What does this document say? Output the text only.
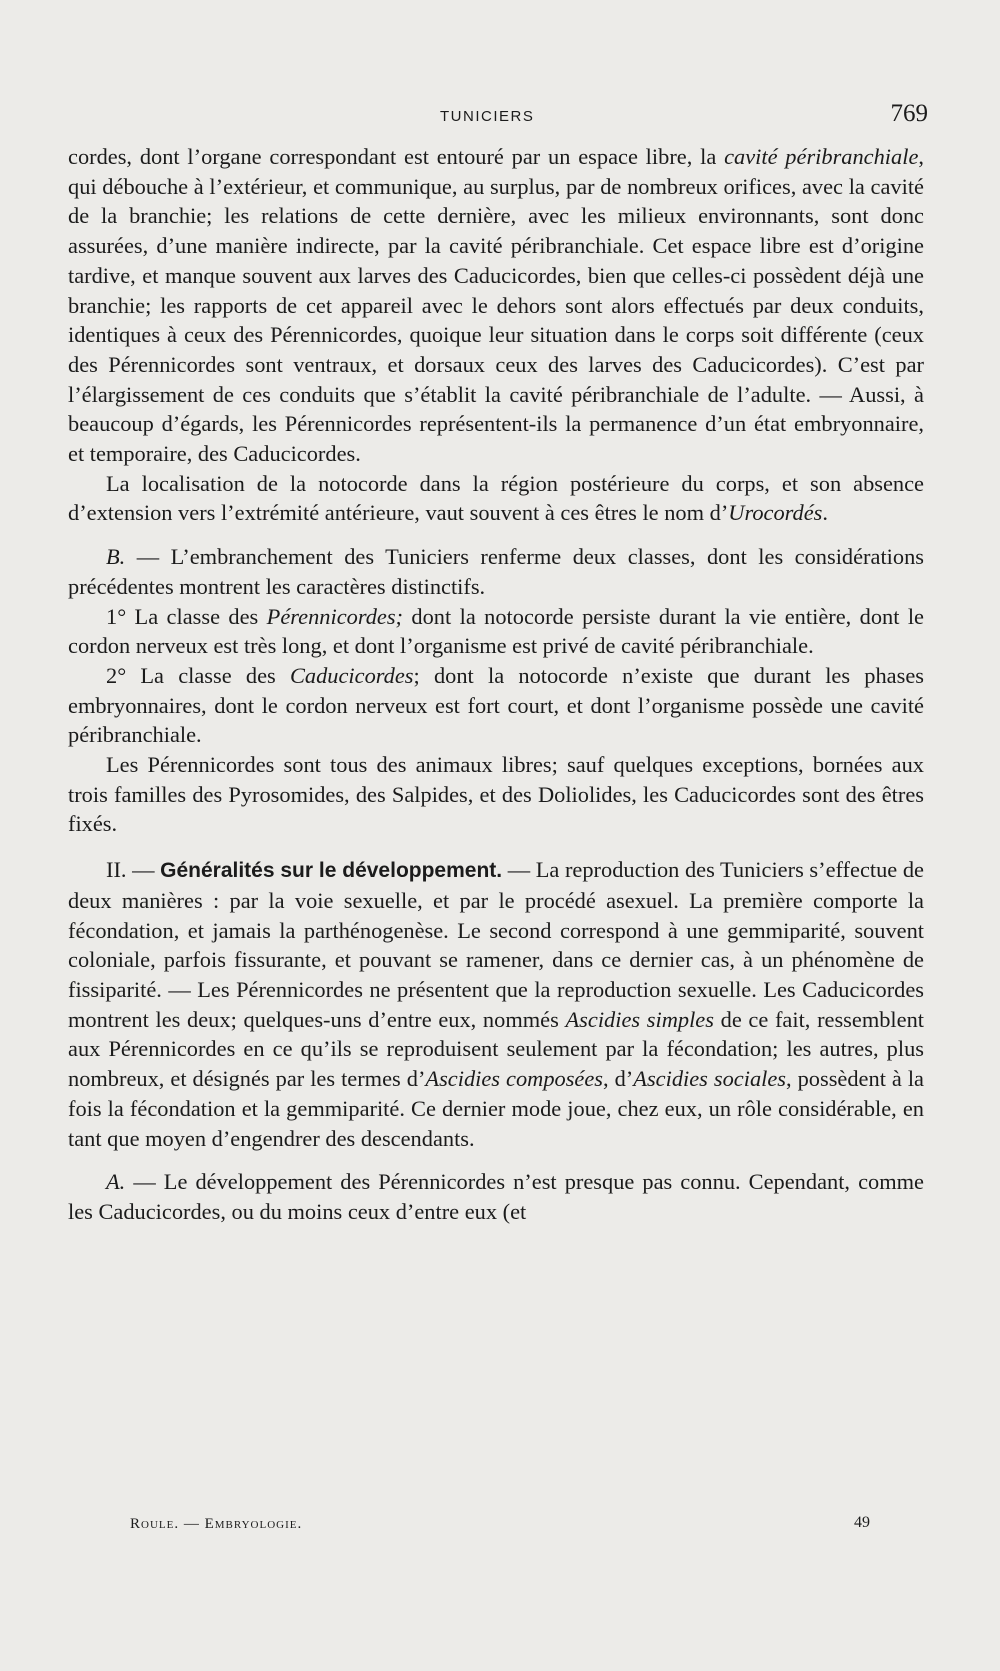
TUNICIERS	769

cordes, dont l’organe correspondant est entouré par un espace libre, la cavité péribranchiale, qui débouche à l’extérieur, et communique, au surplus, par de nombreux orifices, avec la cavité de la branchie; les relations de cette dernière, avec les milieux environnants, sont donc assurées, d’une manière indirecte, par la cavité péribranchiale. Cet espace libre est d’origine tardive, et manque souvent aux larves des Caducicordes, bien que celles-ci possèdent déjà une branchie; les rapports de cet appareil avec le dehors sont alors effectués par deux conduits, identiques à ceux des Pérennicordes, quoique leur situation dans le corps soit différente (ceux des Pérennicordes sont ventraux, et dorsaux ceux des larves des Caducicordes). C’est par l’élargissement de ces conduits que s’établit la cavité péribranchiale de l’adulte. — Aussi, à beaucoup d’égards, les Pérennicordes représentent-ils la permanence d’un état embryonnaire, et temporaire, des Caducicordes.

La localisation de la notocorde dans la région postérieure du corps, et son absence d’extension vers l’extrémité antérieure, vaut souvent à ces êtres le nom d’Urocordés.

B. — L’embranchement des Tuniciers renferme deux classes, dont les considérations précédentes montrent les caractères distinctifs.

1° La classe des Pérennicordes; dont la notocorde persiste durant la vie entière, dont le cordon nerveux est très long, et dont l’organisme est privé de cavité péribranchiale.

2° La classe des Caducicordes; dont la notocorde n’existe que durant les phases embryonnaires, dont le cordon nerveux est fort court, et dont l’organisme possède une cavité péribranchiale.

Les Pérennicordes sont tous des animaux libres; sauf quelques exceptions, bornées aux trois familles des Pyrosomides, des Salpides, et des Doliolides, les Caducicordes sont des êtres fixés.

II. — Généralités sur le développement. — La reproduction des Tuniciers s’effectue de deux manières : par la voie sexuelle, et par le procédé asexuel. La première comporte la fécondation, et jamais la parthénogenèse. Le second correspond à une gemmiparité, souvent coloniale, parfois fissurante, et pouvant se ramener, dans ce dernier cas, à un phénomène de fissiparité. — Les Pérennicordes ne présentent que la reproduction sexuelle. Les Caducicordes montrent les deux; quelques-uns d’entre eux, nommés Ascidies simples de ce fait, ressemblent aux Pérennicordes en ce qu’ils se reproduisent seulement par la fécondation; les autres, plus nombreux, et désignés par les termes d’Ascidies composées, d’Ascidies sociales, possèdent à la fois la fécondation et la gemmiparité. Ce dernier mode joue, chez eux, un rôle considérable, en tant que moyen d’engendrer des descendants.

A. — Le développement des Pérennicordes n’est presque pas connu. Cependant, comme les Caducicordes, ou du moins ceux d’entre eux (et

Roule. — Embryologie.	49
